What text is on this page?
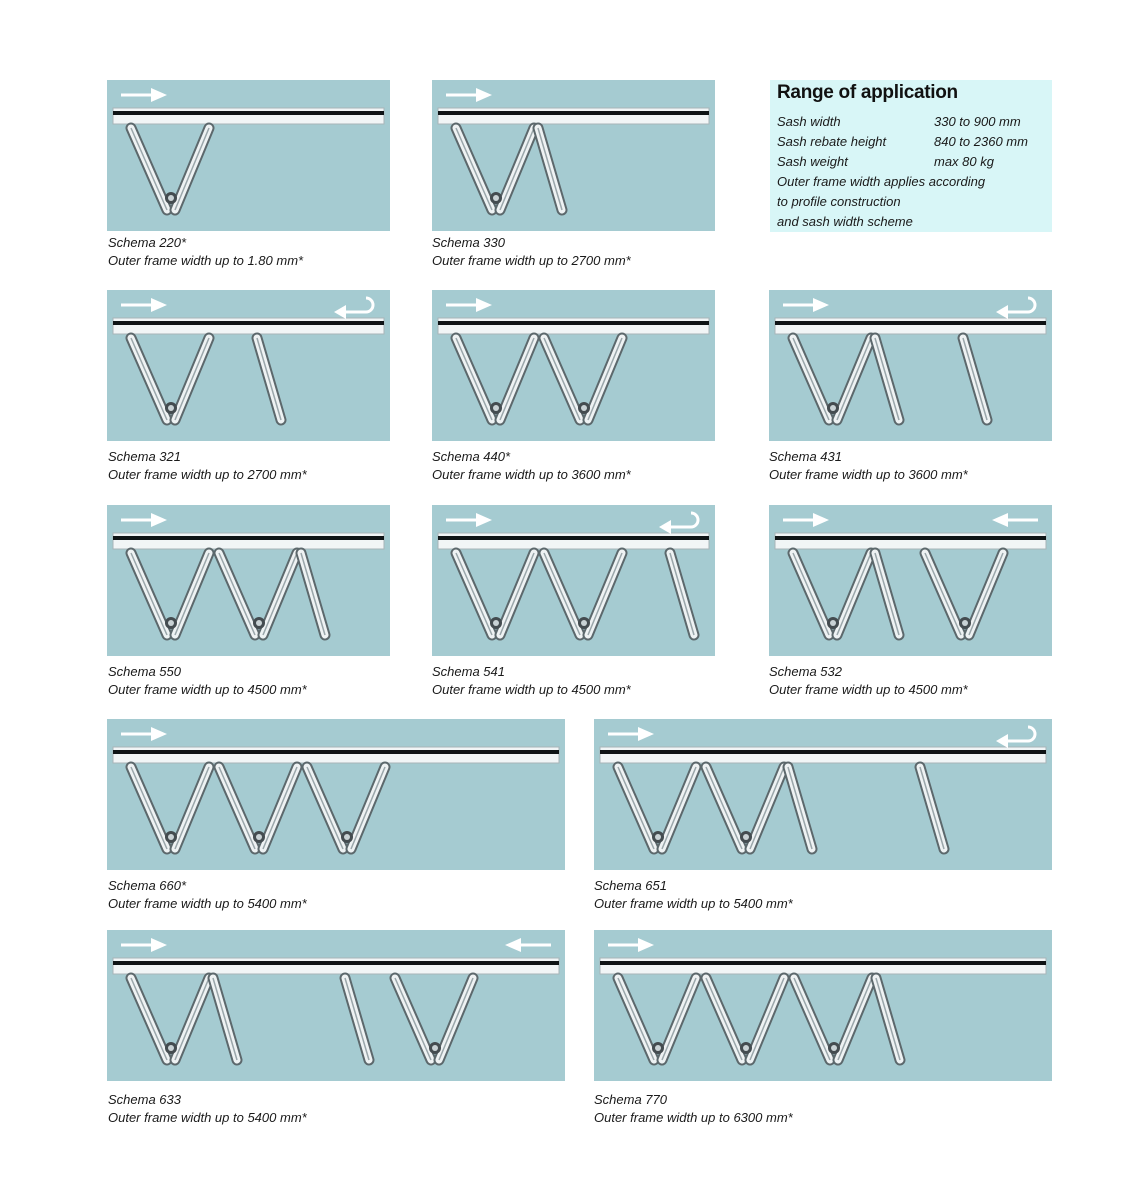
Range of application
Sash width	330 to 900 mm
Sash rebate height	840 to 2360 mm
Sash weight	max 80 kg
Outer frame width applies according
to profile construction
and sash width scheme
Schema 220*
Outer frame width up to 1.80 mm*
Schema 330
Outer frame width up to 2700 mm*
Schema 321
Outer frame width up to 2700 mm*
Schema 440*
Outer frame width up to 3600 mm*
Schema 431
Outer frame width up to 3600 mm*
Schema 550
Outer frame width up to 4500 mm*
Schema 541
Outer frame width up to 4500 mm*
Schema 532
Outer frame width up to 4500 mm*
Schema 660*
Outer frame width up to 5400 mm*
Schema 651
Outer frame width up to 5400 mm*
Schema 633
Outer frame width up to 5400 mm*
Schema 770
Outer frame width up to 6300 mm*
